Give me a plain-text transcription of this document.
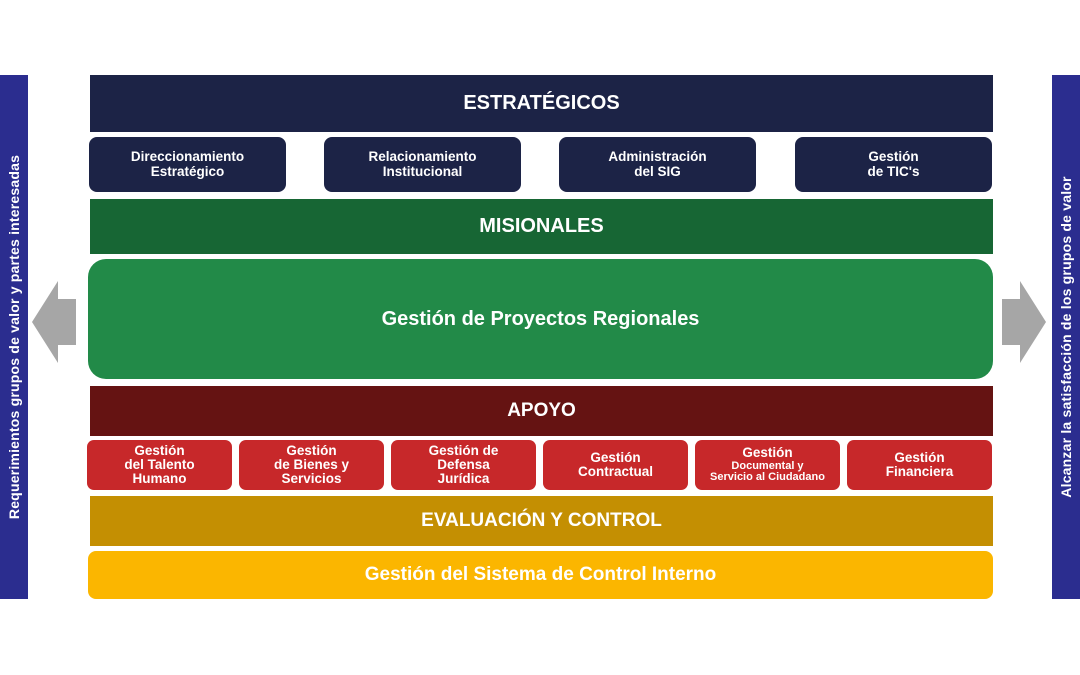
Requerimientos grupos de valor y partes interesadas	Alcanzar la satisfacción de los grupos de valor
ESTRATÉGICOS
Direccionamiento
Estratégico
Relacionamiento
Institucional
Administración
del SIG
Gestión
de TIC's
MISIONALES
Gestión de Proyectos Regionales
APOYO
Gestión
del Talento
Humano
Gestión
de Bienes y
Servicios
Gestión de
Defensa
Jurídica
Gestión
Contractual
Gestión
Documental y
Servicio al Ciudadano
Gestión
Financiera
EVALUACIÓN Y CONTROL
Gestión del Sistema de Control Interno
